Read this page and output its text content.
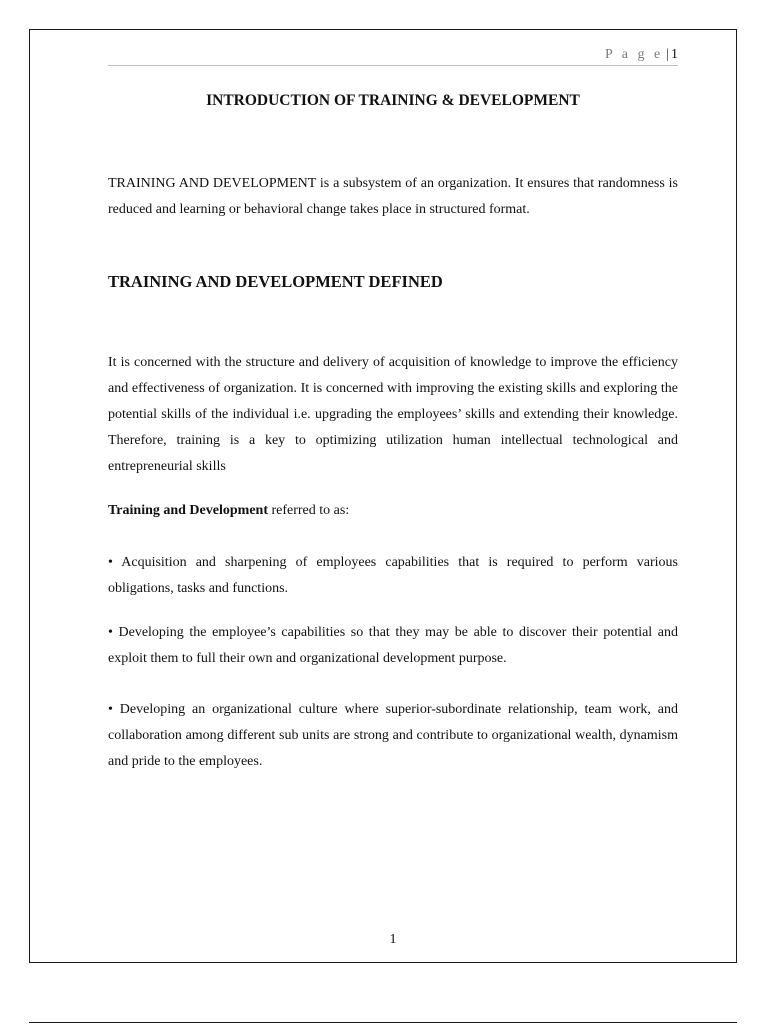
P a g e | 1
INTRODUCTION OF TRAINING & DEVELOPMENT

TRAINING AND DEVELOPMENT is a subsystem of an organization. It ensures that randomness is reduced and learning or behavioral change takes place in structured format.

TRAINING AND DEVELOPMENT DEFINED

It is concerned with the structure and delivery of acquisition of knowledge to improve the efficiency and effectiveness of organization. It is concerned with improving the existing skills and exploring the potential skills of the individual i.e. upgrading the employees’ skills and extending their knowledge. Therefore, training is a key to optimizing utilization human intellectual technological and entrepreneurial skills

Training and Development referred to as:

• Acquisition and sharpening of employees capabilities that is required to perform various obligations, tasks and functions.

• Developing the employee’s capabilities so that they may be able to discover their potential and exploit them to full their own and organizational development purpose.

• Developing an organizational culture where superior-subordinate relationship, team work, and collaboration among different sub units are strong and contribute to organizational wealth, dynamism and pride to the employees.

1
